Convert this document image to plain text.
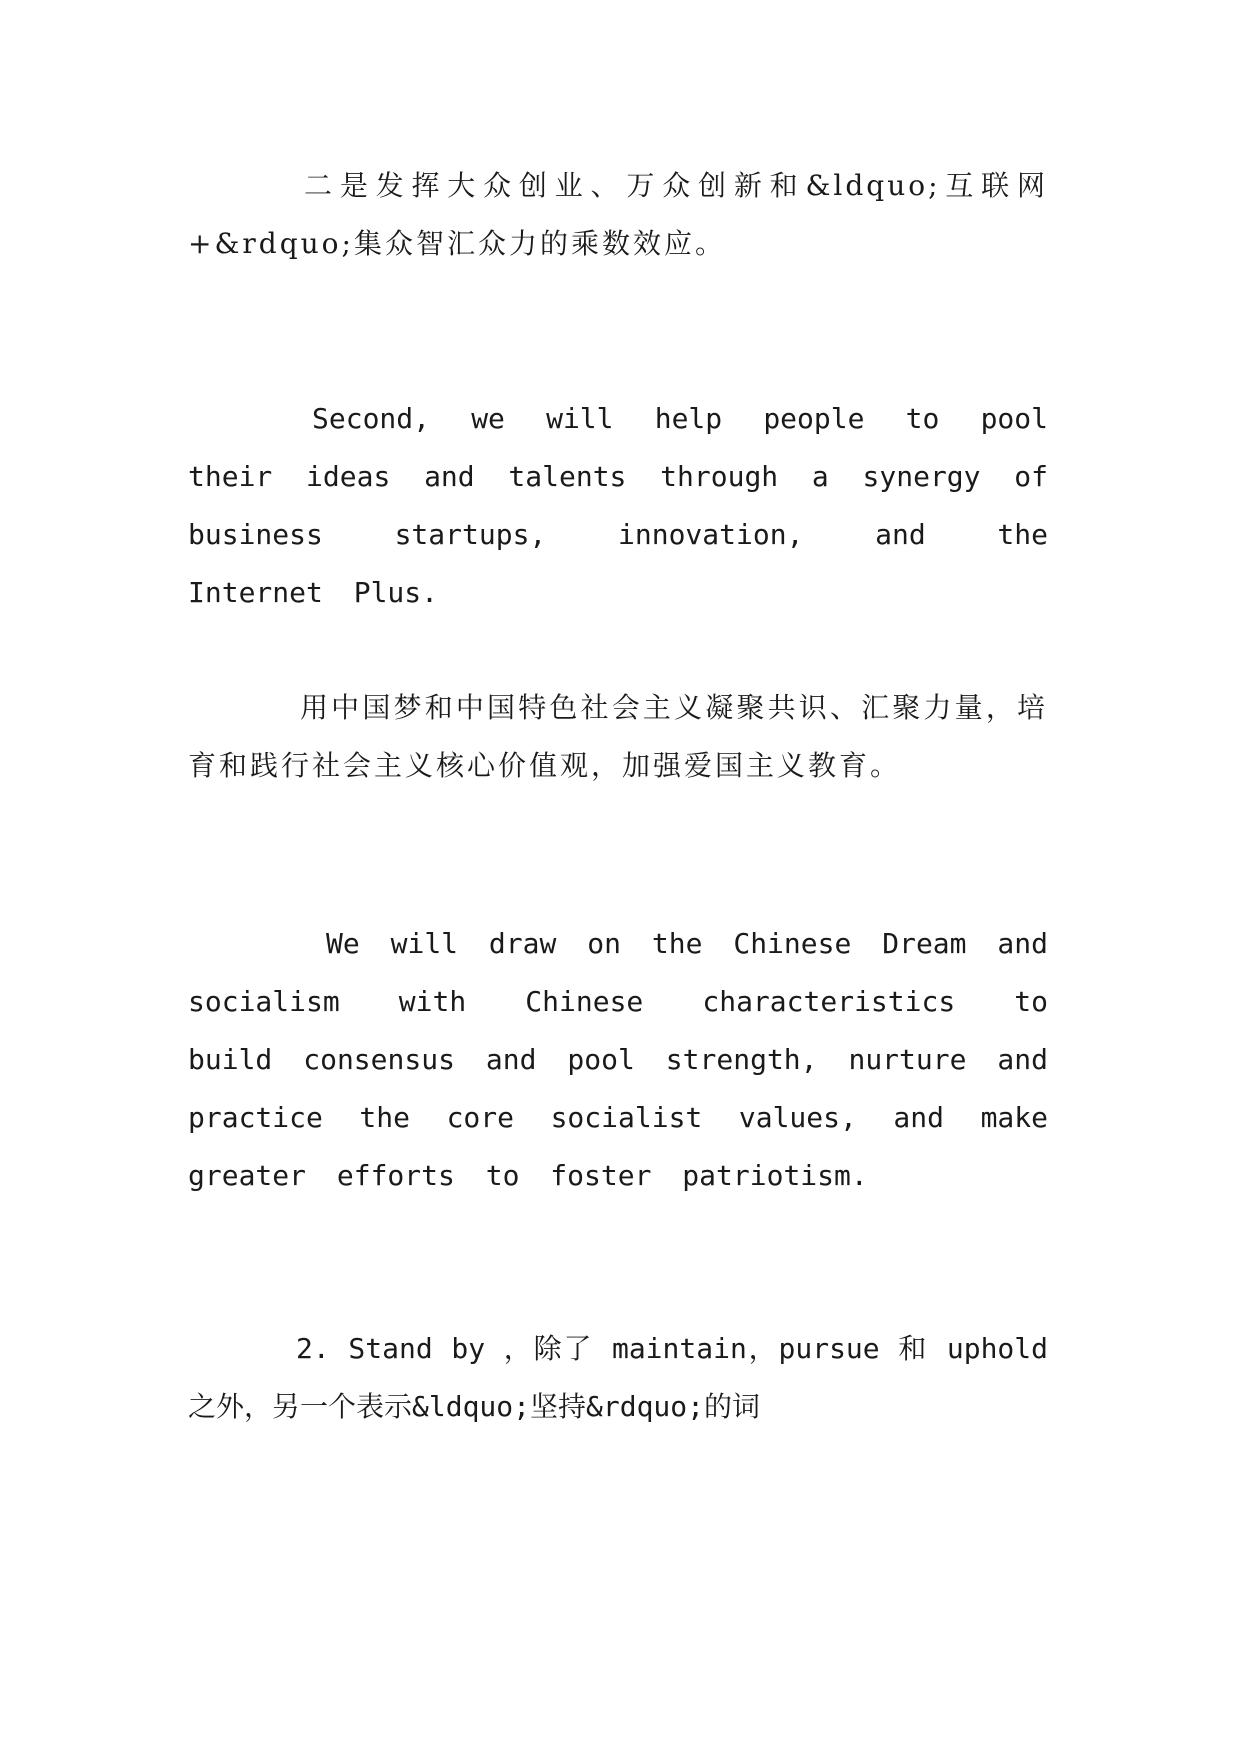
二是发挥大众创业、万众创新和&ldquo;互联网+&rdquo;集众智汇众力的乘数效应。

Second, we will help people to pool their ideas and talents through a synergy of business startups, innovation, and the Internet Plus.

用中国梦和中国特色社会主义凝聚共识、汇聚力量，培育和践行社会主义核心价值观，加强爱国主义教育。

We will draw on the Chinese Dream and socialism with Chinese characteristics to build consensus and pool strength, nurture and practice the core socialist values, and make greater efforts to foster patriotism.

2. Stand by ，除了 maintain，pursue 和 uphold 之外，另一个表示&ldquo;坚持&rdquo;的词
